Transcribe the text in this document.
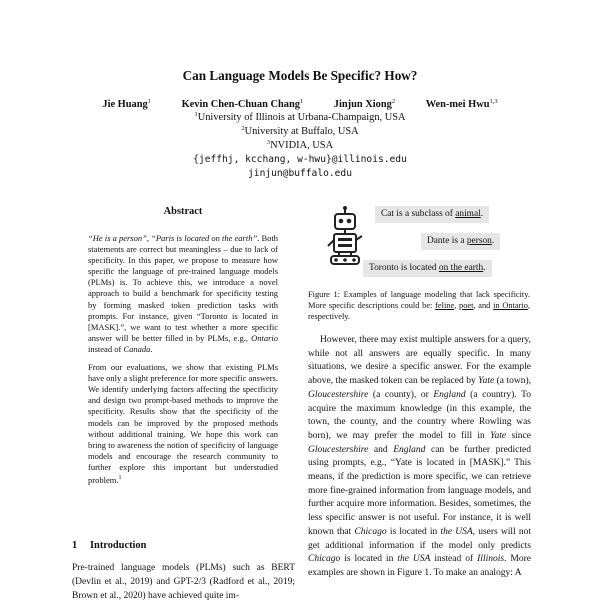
Can Language Models Be Specific? How?
Jie Huang$^1$	Kevin Chen-Chuan Chang$^1$	Jinjun Xiong$^2$	Wen-mei Hwu$^{1,3}$
$^1$University of Illinois at Urbana-Champaign, USA
$^2$University at Buffalo, USA
$^3$NVIDIA, USA
{jeffhj, kcchang, w-hwu}@illinois.edu
jinjun@buffalo.edu
Abstract

“He is a person”, “Paris is located on the earth”. Both statements are correct but meaningless – due to lack of specificity. In this paper, we propose to measure how specific the language of pre-trained language models (PLMs) is. To achieve this, we introduce a novel approach to build a benchmark for specificity testing by forming masked token prediction tasks with prompts. For instance, given “Toronto is located in [MASK].”, we want to test whether a more specific answer will be better filled in by PLMs, e.g., Ontario instead of Canada.

From our evaluations, we show that existing PLMs have only a slight preference for more specific answers. We identify underlying factors affecting the specificity and design two prompt-based methods to improve the specificity. Results show that the specificity of the models can be improved by the proposed methods without additional training. We hope this work can bring to awareness the notion of specificity of language models and encourage the research community to further explore this important but understudied problem.$^1$

1 Introduction

Pre-trained language models (PLMs) such as BERT (Devlin et al., 2019) and GPT-2/3 (Radford et al., 2019; Brown et al., 2020) have achieved quite im-

Cat is a subclass of animal.
Dante is a person.
Toronto is located on the earth.

Figure 1: Examples of language modeling that lack specificity. More specific descriptions could be: feline, poet, and in Ontario, respectively.

However, there may exist multiple answers for a query, while not all answers are equally specific. In many situations, we desire a specific answer. For the example above, the masked token can be replaced by Yate (a town), Gloucestershire (a county), or England (a country). To acquire the maximum knowledge (in this example, the town, the county, and the country where Rowling was born), we may prefer the model to fill in Yate since Gloucestershire and England can be further predicted using prompts, e.g., “Yate is located in [MASK].” This means, if the prediction is more specific, we can retrieve more fine-grained information from language models, and further acquire more information. Besides, sometimes, the less specific answer is not useful. For instance, it is well known that Chicago is located in the USA, users will not get additional information if the model only predicts Chicago is located in the USA instead of Illinois. More examples are shown in Figure 1. To make an analogy: A
